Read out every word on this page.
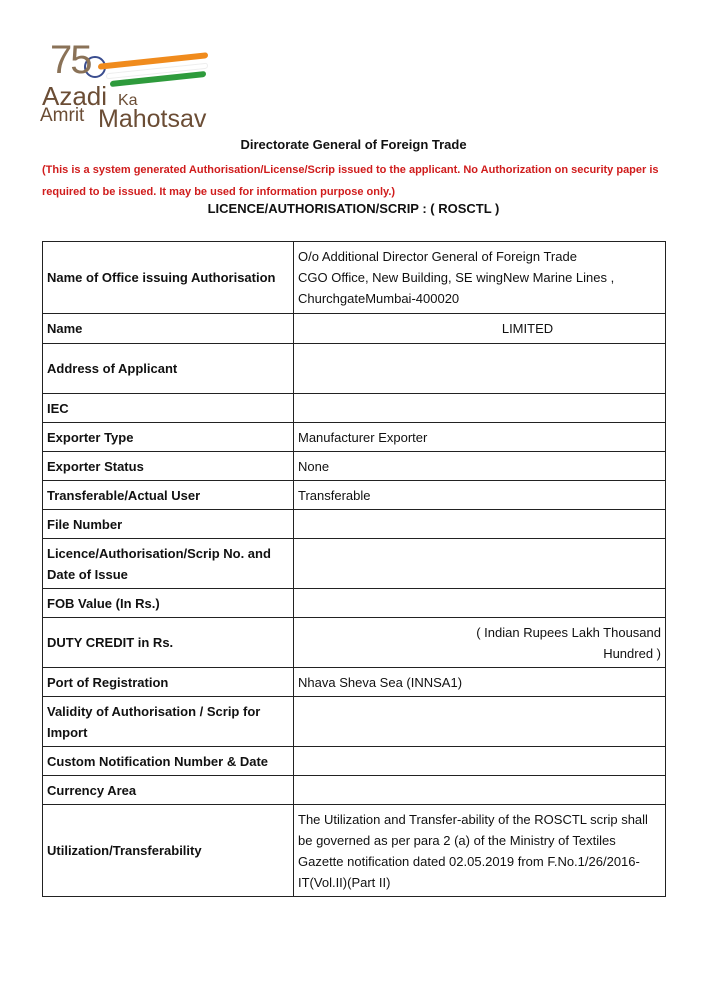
75
Azadi Ka
Amrit Mahotsav
Directorate General of Foreign Trade
(This is a system generated Authorisation/License/Scrip issued to the applicant. No Authorization on security paper is required to be issued. It may be used for information purpose only.)
LICENCE/AUTHORISATION/SCRIP : ( ROSCTL )
Name of Office issuing Authorisation	O/o Additional Director General of Foreign Trade
CGO Office, New Building, SE wingNew Marine Lines ,
ChurchgateMumbai-400020
Name	LIMITED
Address of Applicant	
IEC	
Exporter Type	Manufacturer Exporter
Exporter Status	None
Transferable/Actual User	Transferable
File Number	
Licence/Authorisation/Scrip No. and Date of Issue	
FOB Value (In Rs.)	
DUTY CREDIT in Rs.	( Indian Rupees Lakh Thousand
Hundred )
Port of Registration	Nhava Sheva Sea (INNSA1)
Validity of Authorisation / Scrip for Import	
Custom Notification Number & Date	
Currency Area	
Utilization/Transferability	The Utilization and Transfer-ability of the ROSCTL scrip shall be governed as per para 2 (a) of the Ministry of Textiles Gazette notification dated 02.05.2019 from F.No.1/26/2016-IT(Vol.II)(Part II)
